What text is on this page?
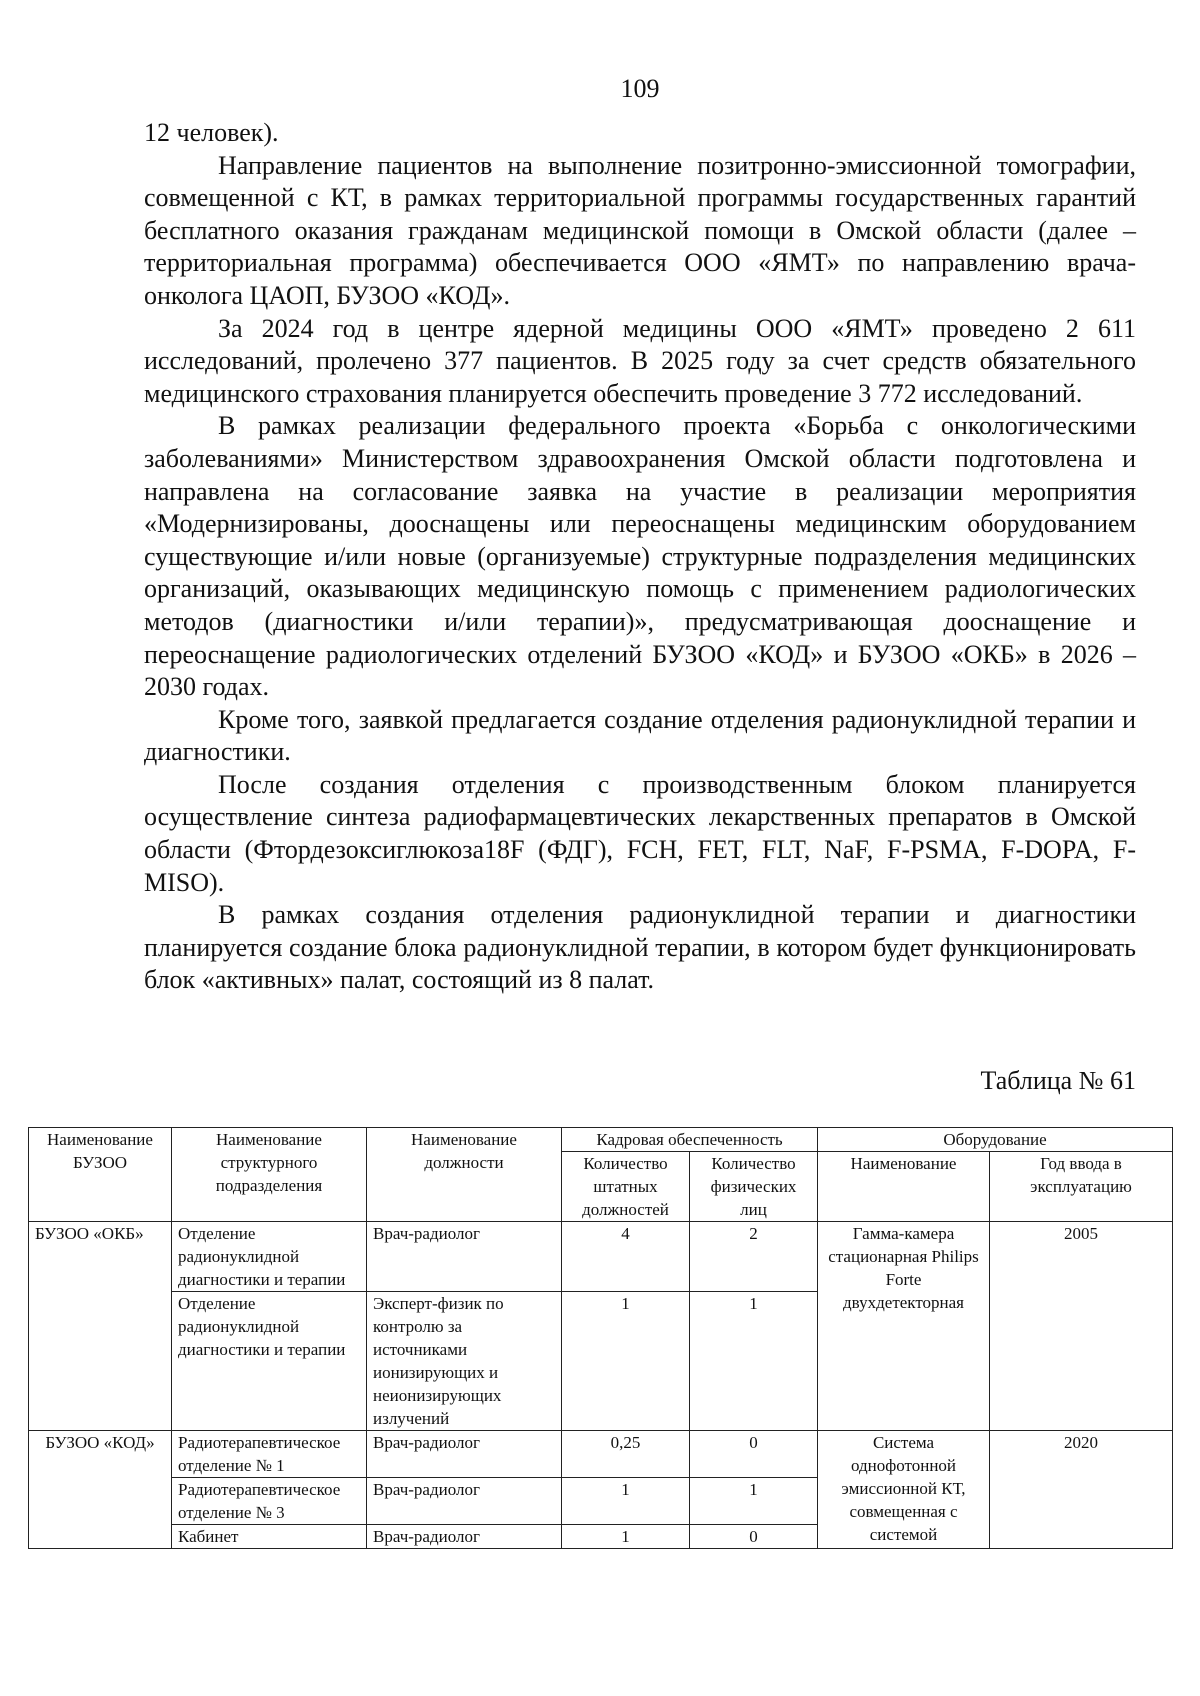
109

12 человек).

Направление пациентов на выполнение позитронно-эмиссионной томографии, совмещенной с КТ, в рамках территориальной программы государственных гарантий бесплатного оказания гражданам медицинской помощи в Омской области (далее – территориальная программа) обеспечивается ООО «ЯМТ» по направлению врача-онколога ЦАОП, БУЗОО «КОД».

За 2024 год в центре ядерной медицины ООО «ЯМТ» проведено 2 611 исследований, пролечено 377 пациентов. В 2025 году за счет средств обязательного медицинского страхования планируется обеспечить проведение 3 772 исследований.

В рамках реализации федерального проекта «Борьба с онкологическими заболеваниями» Министерством здравоохранения Омской области подготовлена и направлена на согласование заявка на участие в реализации мероприятия «Модернизированы, дооснащены или переоснащены медицинским оборудованием существующие и/или новые (организуемые) структурные подразделения медицинских организаций, оказывающих медицинскую помощь с применением радиологических методов (диагностики и/или терапии)», предусматривающая дооснащение и переоснащение радиологических отделений БУЗОО «КОД» и БУЗОО «ОКБ» в 2026 – 2030 годах.

Кроме того, заявкой предлагается создание отделения радионуклидной терапии и диагностики.

После создания отделения с производственным блоком планируется осуществление синтеза радиофармацевтических лекарственных препаратов в Омской области (Фтордезоксиглюкоза18F (ФДГ), FCH, FET, FLT, NaF, F-PSMA, F-DOPA, F-MISO).

В рамках создания отделения радионуклидной терапии и диагностики планируется создание блока радионуклидной терапии, в котором будет функционировать блок «активных» палат, состоящий из 8 палат.

Таблица № 61
Наименование БУЗОО	Наименование структурного подразделения	Наименование должности	Кадровая обеспеченность		Оборудование	
			Количество штатных должностей	Количество физических лиц	Наименование	Год ввода в эксплуатацию
БУЗОО «ОКБ»	Отделение радионуклидной диагностики и терапии	Врач-радиолог	4	2	Гамма-камера стационарная Philips Forte двухдетекторная	2005
	Отделение радионуклидной диагностики и терапии	Эксперт-физик по контролю за источниками ионизирующих и неионизирующих излучений	1	1		
БУЗОО «КОД»	Радиотерапевтическое отделение № 1	Врач-радиолог	0,25	0	Система однофотонной эмиссионной КТ, совмещенная с системой	2020
	Радиотерапевтическое отделение № 3	Врач-радиолог	1	1		
	Кабинет	Врач-радиолог	1	0		
